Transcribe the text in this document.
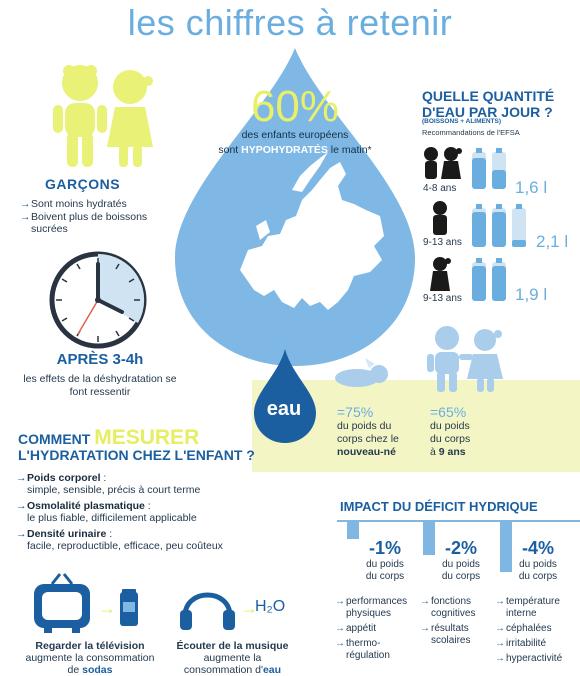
les chiffres à retenir
60%
des enfants européens
sont HYPOHYDRATÉS le matin*
GARÇONS
→ Sont moins hydratés
→ Boivent plus de boissons sucrées
APRÈS 3-4h
les effets de la déshydratation se font ressentir
QUELLE QUANTITÉ
D'EAU PAR JOUR ?
(BOISSONS + ALIMENTS)
Recommandations de l'EFSA
4-8 ans	1,6 l
9-13 ans	2,1 l
9-13 ans	1,9 l
eau	=75%
du poids du
corps chez le
nouveau-né
=65%
du poids
du corps
à 9 ans
COMMENT MESURER
L'HYDRATATION CHEZ L'ENFANT ?
→ Poids corporel :
simple, sensible, précis à court terme
→ Osmolalité plasmatique :
le plus fiable, difficilement applicable
→ Densité urinaire :
facile, reproductible, efficace, peu coûteux
IMPACT DU DÉFICIT HYDRIQUE
-1%
du poids
du corps
-2%
du poids
du corps
-4%
du poids
du corps
→ performances physiques
→ appétit
→ thermo-régulation
→ fonctions cognitives
→ résultats scolaires
→ température interne
→ céphalées
→ irritabilité
→ hyperactivité
→	→
H₂O
Regarder la télévision
augmente la consommation
de sodas
Écouter de la musique
augmente la
consommation d'eau
